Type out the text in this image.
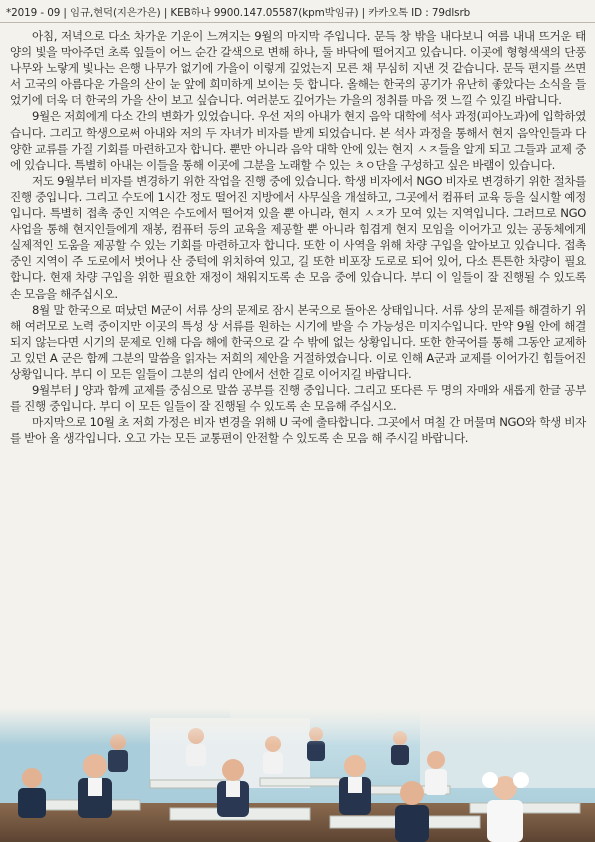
*2019 - 09 | 임규,현덕(지은가은) | KEB하나 9900.147.05587(kpm박임규) | 카카오톡 ID : 79dlsrb

아침, 저녁으로 다소 차가운 기운이 느껴지는 9월의 마지막 주입니다. 문득 창 밖을 내다보니 여름 내내 뜨거운 태양의 빛을 막아주던 초록 잎들이 어느 순간 갈색으로 변해 하나, 둘 바닥에 떨어지고 있습니다. 이곳에 형형색색의 단풍 나무와 노랗게 빛나는 은행 나무가 없기에 가을이 이렇게 깊었는지 모른 채 무심히 지낸 것 같습니다. 문득 편지를 쓰면서 고국의 아름다운 가을의 산이 눈 앞에 희미하게 보이는 듯 합니다. 올해는 한국의 공기가 유난히 좋았다는 소식을 들었기에 더욱 더 한국의 가을 산이 보고 싶습니다. 여러분도 깊어가는 가을의 정취를 마음 껏 느낄 수 있길 바랍니다.

9월은 저희에게 다소 간의 변화가 있었습니다. 우선 저의 아내가 현지 음악 대학에 석사 과정(피아노과)에 입학하였습니다. 그리고 학생으로써 아내와 저의 두 자녀가 비자를 받게 되었습니다. 본 석사 과정을 통해서 현지 음악인들과 다양한 교류를 가질 기회를 마련하고자 합니다. 뿐만 아니라 음악 대학 안에 있는 현지 ㅅㅈ들을 알게 되고 그들과 교제 중에 있습니다. 특별히 아내는 이들을 통해 이곳에 그분을 노래할 수 있는 ㅊㅇ단을 구성하고 싶은 바램이 있습니다.

저도 9월부터 비자를 변경하기 위한 작업을 진행 중에 있습니다. 학생 비자에서 NGO 비자로 변경하기 위한 절차를 진행 중입니다. 그리고 수도에 1시간 정도 떨어진 지방에서 사무실을 개설하고, 그곳에서 컴퓨터 교육 등을 실시할 예정입니다. 특별히 접촉 중인 지역은 수도에서 떨어져 있을 뿐 아니라, 현지 ㅅㅈ가 모여 있는 지역입니다. 그러므로 NGO 사업을 통해 현지인들에게 재봉, 컴퓨터 등의 교육을 제공할 뿐 아니라 힘겹게 현지 모임을 이어가고 있는 공동체에게 실제적인 도움을 제공할 수 있는 기회를 마련하고자 합니다. 또한 이 사역을 위해 차량 구입을 알아보고 있습니다. 접촉 중인 지역이 주 도로에서 벗어나 산 중턱에 위치하여 있고, 길 또한 비포장 도로로 되어 있어, 다소 튼튼한 차량이 필요합니다. 현재 차량 구입을 위한 필요한 재정이 채워지도록 손 모음 중에 있습니다. 부디 이 일들이 잘 진행될 수 있도록 손 모음을 해주십시오.

8월 말 한국으로 떠났던 M군이 서류 상의 문제로 잠시 본국으로 돌아온 상태입니다. 서류 상의 문제를 해결하기 위해 여러모로 노력 중이지만 이곳의 특성 상 서류를 원하는 시기에 받을 수 가능성은 미지수입니다. 만약 9월 안에 해결되지 않는다면 시기의 문제로 인해 다음 해에 한국으로 갈 수 밖에 없는 상황입니다. 또한 한국어를 통해 그동안 교제하고 있던 A 군은 함께 그분의 말씀을 읽자는 저희의 제안을 거절하였습니다. 이로 인해 A군과 교제를 이어가긴 힘들어진 상황입니다. 부디 이 모든 일들이 그분의 섭리 안에서 선한 길로 이어지길 바랍니다.

9월부터 J 양과 함께 교제를 중심으로 말씀 공부를 진행 중입니다. 그리고 또다른 두 명의 자매와 새롭게 한글 공부를 진행 중입니다. 부디 이 모든 일들이 잘 진행될 수 있도록 손 모음해 주십시오.

마지막으로 10월 초 저희 가정은 비자 변경을 위해 U 국에 출타합니다. 그곳에서 며칠 간 머물며 NGO와 학생 비자를 받아 올 생각입니다. 오고 가는 모든 교통편이 안전할 수 있도록 손 모음 해 주시길 바랍니다.
